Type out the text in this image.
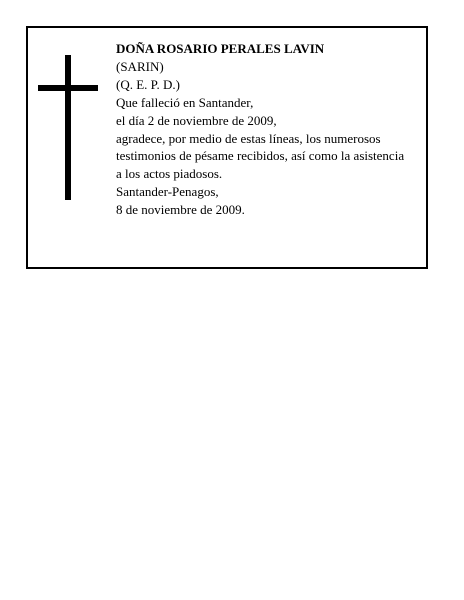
DOÑA ROSARIO PERALES LAVIN
(SARIN)
(Q. E. P. D.)
Que falleció en Santander,
el día 2 de noviembre de 2009,
agradece, por medio de estas líneas, los numerosos
testimonios de pésame recibidos, así como la asistencia
a los actos piadosos.
Santander-Penagos,
8 de noviembre de 2009.
